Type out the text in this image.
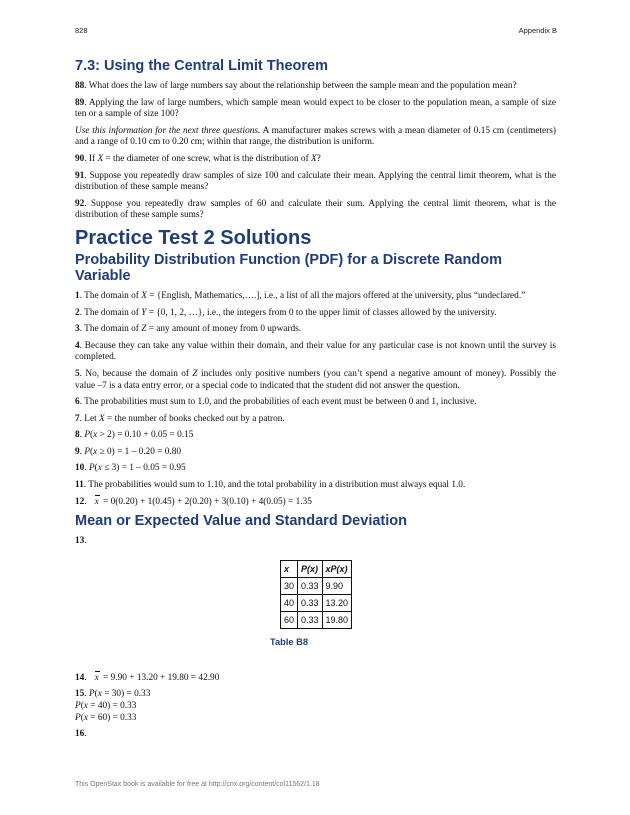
828	Appendix B
7.3: Using the Central Limit Theorem

88. What does the law of large numbers say about the relationship between the sample mean and the population mean?

89. Applying the law of large numbers, which sample mean would expect to be closer to the population mean, a sample of size ten or a sample of size 100?

Use this information for the next three questions. A manufacturer makes screws with a mean diameter of 0.15 cm (centimeters) and a range of 0.10 cm to 0.20 cm; within that range, the distribution is uniform.

90. If X = the diameter of one screw, what is the distribution of X?

91. Suppose you repeatedly draw samples of size 100 and calculate their mean. Applying the central limit theorem, what is the distribution of these sample means?

92. Suppose you repeatedly draw samples of 60 and calculate their sum. Applying the central limit theorem, what is the distribution of these sample sums?

Practice Test 2 Solutions
Probability Distribution Function (PDF) for a Discrete Random Variable

1. The domain of X = {English, Mathematics,….], i.e., a list of all the majors offered at the university, plus “undeclared.”

2. The domain of Y = {0, 1, 2, …}, i.e., the integers from 0 to the upper limit of classes allowed by the university.

3. The domain of Z = any amount of money from 0 upwards.

4. Because they can take any value within their domain, and their value for any particular case is not known until the survey is completed.

5. No, because the domain of Z includes only positive numbers (you can’t spend a negative amount of money). Possibly the value –7 is a data entry error, or a special code to indicated that the student did not answer the question.

6. The probabilities must sum to 1.0, and the probabilities of each event must be between 0 and 1, inclusive.

7. Let X = the number of books checked out by a patron.

8. P(x > 2) = 0.10 + 0.05 = 0.15

9. P(x ≥ 0) = 1 – 0.20 = 0.80

10. P(x ≤ 3) = 1 – 0.05 = 0.95

11. The probabilities would sum to 1.10, and the total probability in a distribution must always equal 1.0.

12. x = 0(0.20) + 1(0.45) + 2(0.20) + 3(0.10) + 4(0.05) = 1.35

Mean or Expected Value and Standard Deviation

13.

x	P(x)	xP(x)
30	0.33	9.90
40	0.33	13.20
60	0.33	19.80
Table B8

14. x = 9.90 + 13.20 + 19.80 = 42.90

15. P(x = 30) = 0.33

P(x = 40) = 0.33

P(x = 60) = 0.33

16.

This OpenStax book is available for free at http://cnx.org/content/col11562/1.18
